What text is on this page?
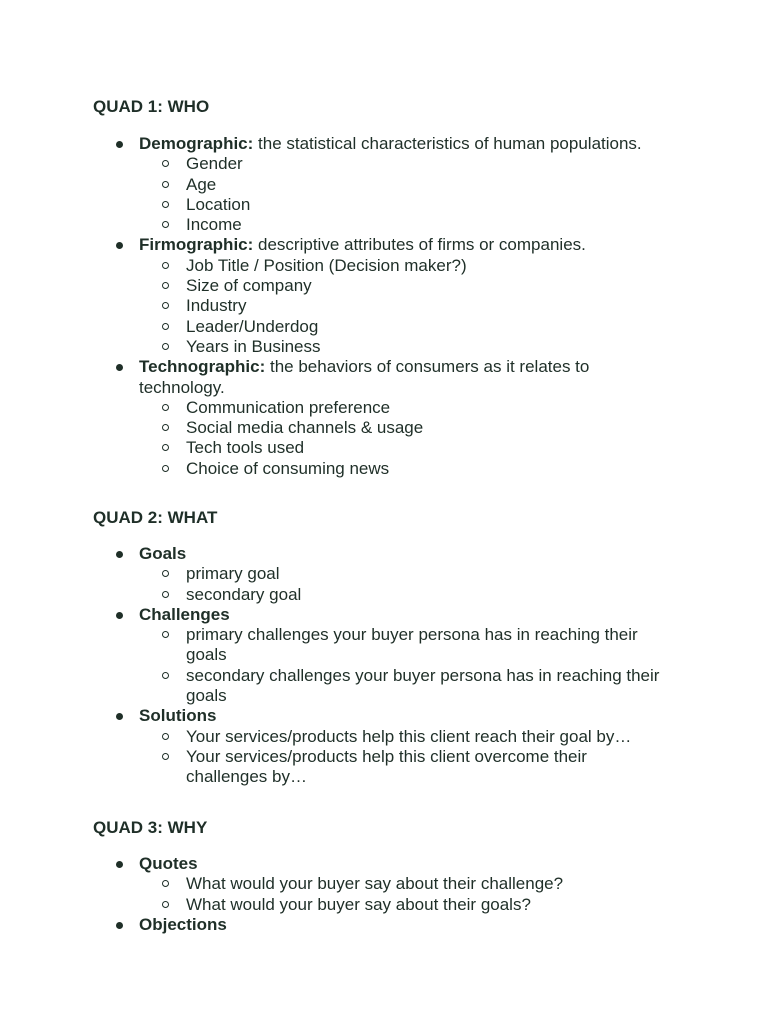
QUAD 1: WHO
Demographic: the statistical characteristics of human populations.
Gender
Age
Location
Income
Firmographic: descriptive attributes of firms or companies.
Job Title / Position (Decision maker?)
Size of company
Industry
Leader/Underdog
Years in Business
Technographic: the behaviors of consumers as it relates to technology.
Communication preference
Social media channels & usage
Tech tools used
Choice of consuming news
QUAD 2: WHAT
Goals
primary goal
secondary goal
Challenges
primary challenges your buyer persona has in reaching their goals
secondary challenges your buyer persona has in reaching their goals
Solutions
Your services/products help this client reach their goal by…
Your services/products help this client overcome their challenges by…
QUAD 3: WHY
Quotes
What would your buyer say about their challenge?
What would your buyer say about their goals?
Objections
